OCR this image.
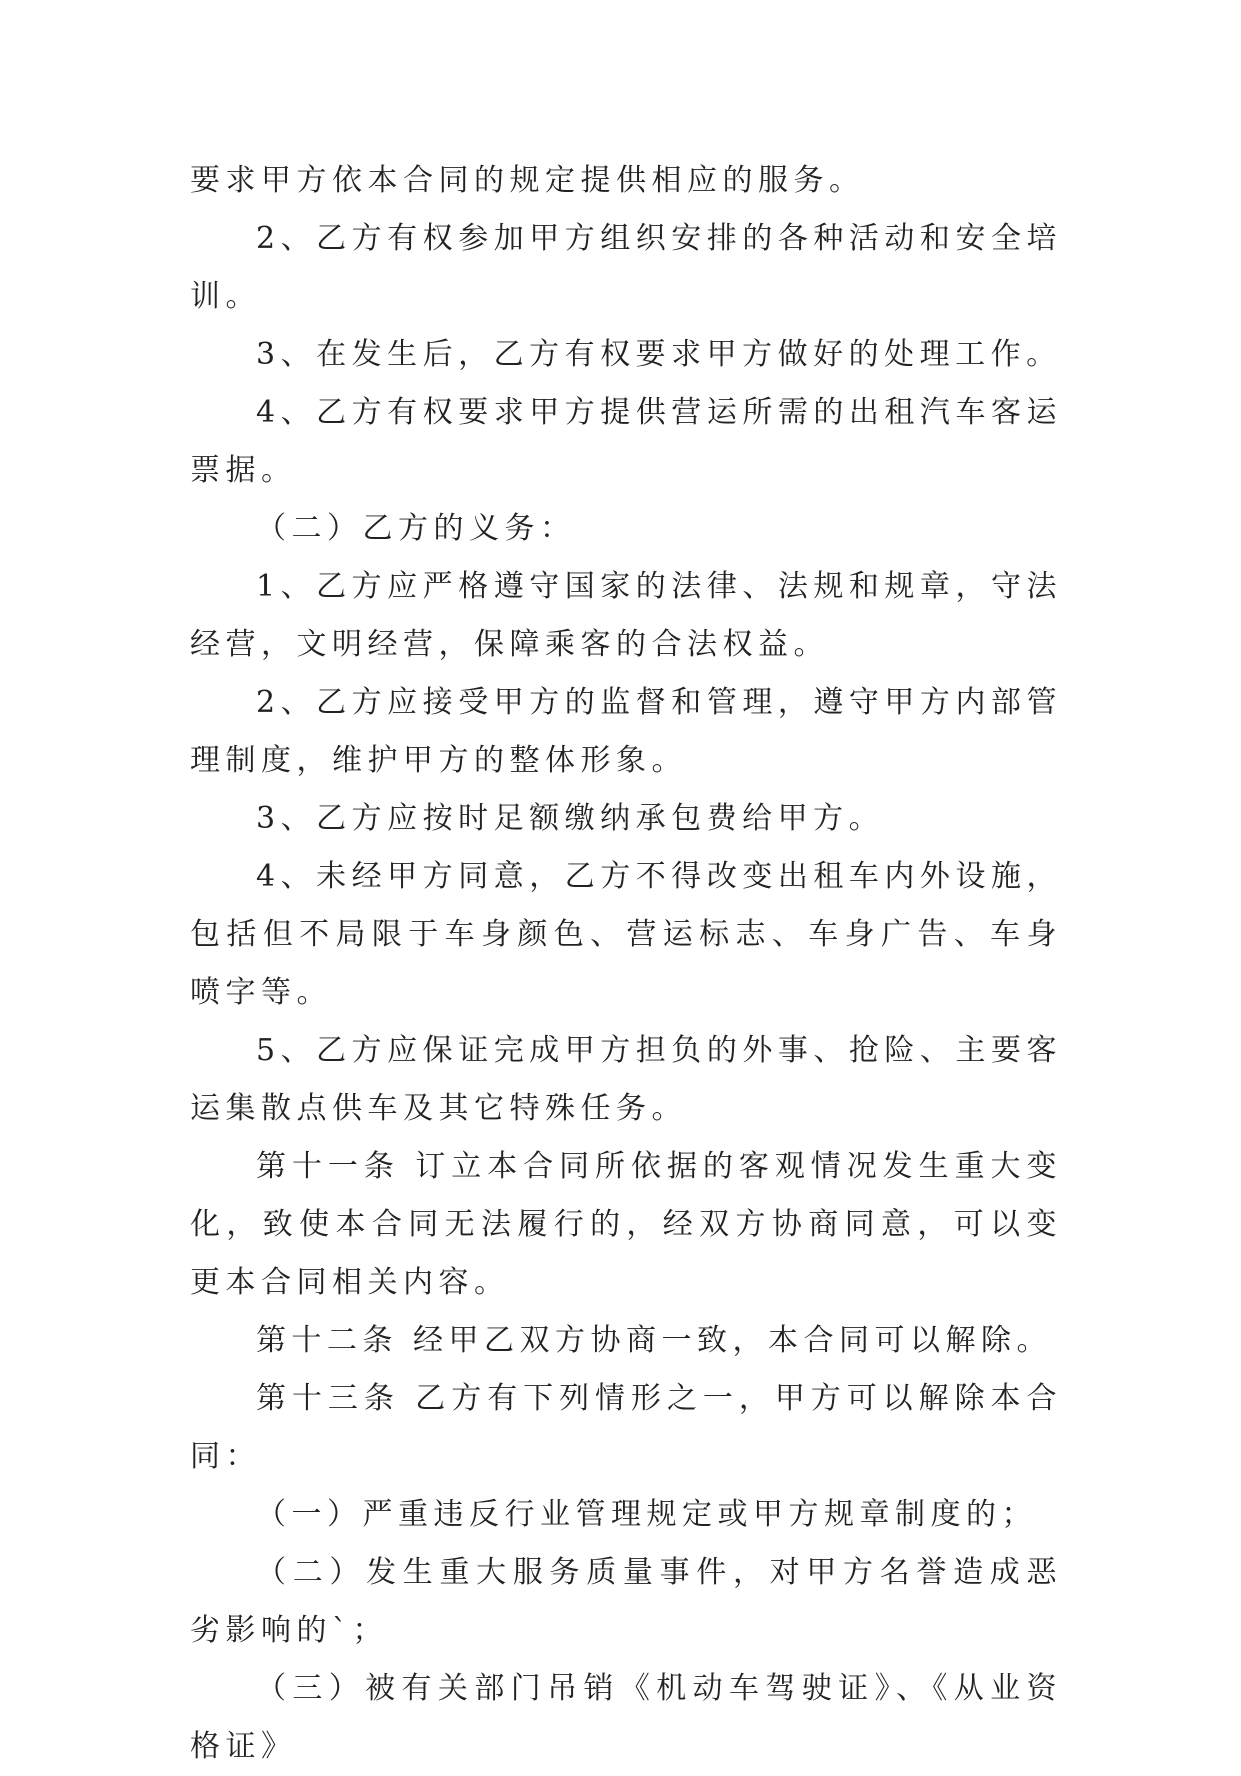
要求甲方依本合同的规定提供相应的服务。

2、乙方有权参加甲方组织安排的各种活动和安全培训。

3、在发生后，乙方有权要求甲方做好的处理工作。

4、乙方有权要求甲方提供营运所需的出租汽车客运票据。

（二）乙方的义务：

1、乙方应严格遵守国家的法律、法规和规章，守法经营，文明经营，保障乘客的合法权益。

2、乙方应接受甲方的监督和管理，遵守甲方内部管理制度，维护甲方的整体形象。

3、乙方应按时足额缴纳承包费给甲方。

4、未经甲方同意，乙方不得改变出租车内外设施，包括但不局限于车身颜色、营运标志、车身广告、车身喷字等。

5、乙方应保证完成甲方担负的外事、抢险、主要客运集散点供车及其它特殊任务。

第十一条 订立本合同所依据的客观情况发生重大变化，致使本合同无法履行的，经双方协商同意，可以变更本合同相关内容。

第十二条 经甲乙双方协商一致，本合同可以解除。

第十三条 乙方有下列情形之一，甲方可以解除本合同：

（一）严重违反行业管理规定或甲方规章制度的；

（二）发生重大服务质量事件，对甲方名誉造成恶劣影响的`；

（三）被有关部门吊销《机动车驾驶证》、《从业资格证》
